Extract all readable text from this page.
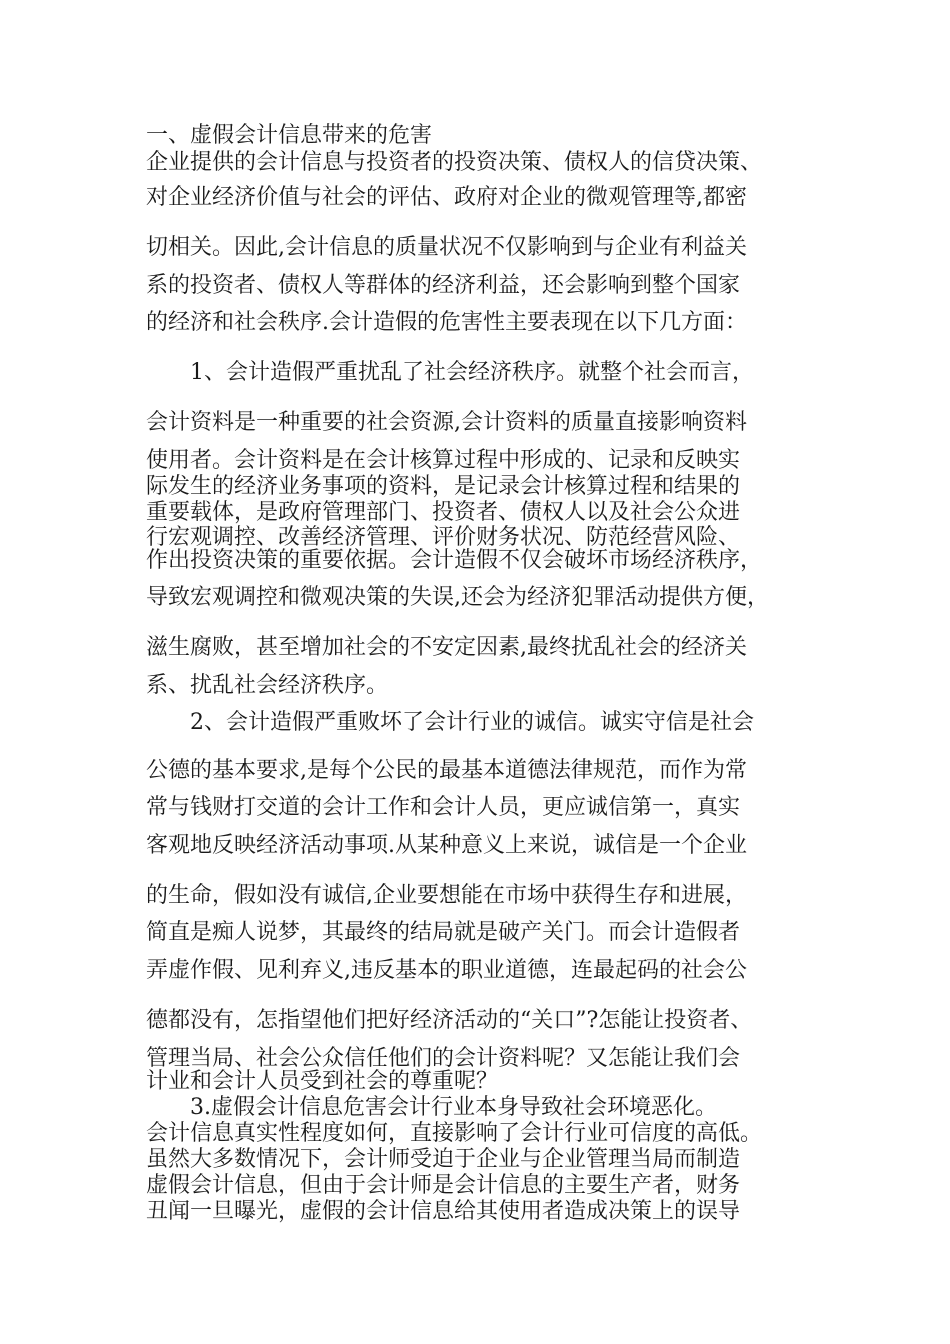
一、虚假会计信息带来的危害
企业提供的会计信息与投资者的投资决策、债权人的信贷决策、
对企业经济价值与社会的评估、政府对企业的微观管理等,都密
切相关。因此,会计信息的质量状况不仅影响到与企业有利益关
系的投资者、债权人等群体的经济利益，还会影响到整个国家
的经济和社会秩序.会计造假的危害性主要表现在以下几方面：
1、会计造假严重扰乱了社会经济秩序。就整个社会而言，
会计资料是一种重要的社会资源,会计资料的质量直接影响资料
使用者。会计资料是在会计核算过程中形成的、记录和反映实
际发生的经济业务事项的资料，是记录会计核算过程和结果的
重要载体，是政府管理部门、投资者、债权人以及社会公众进
行宏观调控、改善经济管理、评价财务状况、防范经营风险、
作出投资决策的重要依据。会计造假不仅会破坏市场经济秩序，
导致宏观调控和微观决策的失误,还会为经济犯罪活动提供方便，
滋生腐败，甚至增加社会的不安定因素,最终扰乱社会的经济关
系、扰乱社会经济秩序。
2、会计造假严重败坏了会计行业的诚信。诚实守信是社会
公德的基本要求,是每个公民的最基本道德法律规范，而作为常
常与钱财打交道的会计工作和会计人员，更应诚信第一，真实
客观地反映经济活动事项.从某种意义上来说，诚信是一个企业
的生命，假如没有诚信,企业要想能在市场中获得生存和进展，
简直是痴人说梦，其最终的结局就是破产关门。而会计造假者
弄虚作假、见利弃义,违反基本的职业道德，连最起码的社会公
德都没有，怎指望他们把好经济活动的“关口”?怎能让投资者、
管理当局、社会公众信任他们的会计资料呢？又怎能让我们会
计业和会计人员受到社会的尊重呢？
3.虚假会计信息危害会计行业本身导致社会环境恶化。
会计信息真实性程度如何，直接影响了会计行业可信度的高低。
虽然大多数情况下，会计师受迫于企业与企业管理当局而制造
虚假会计信息，但由于会计师是会计信息的主要生产者，财务
丑闻一旦曝光，虚假的会计信息给其使用者造成决策上的误导
